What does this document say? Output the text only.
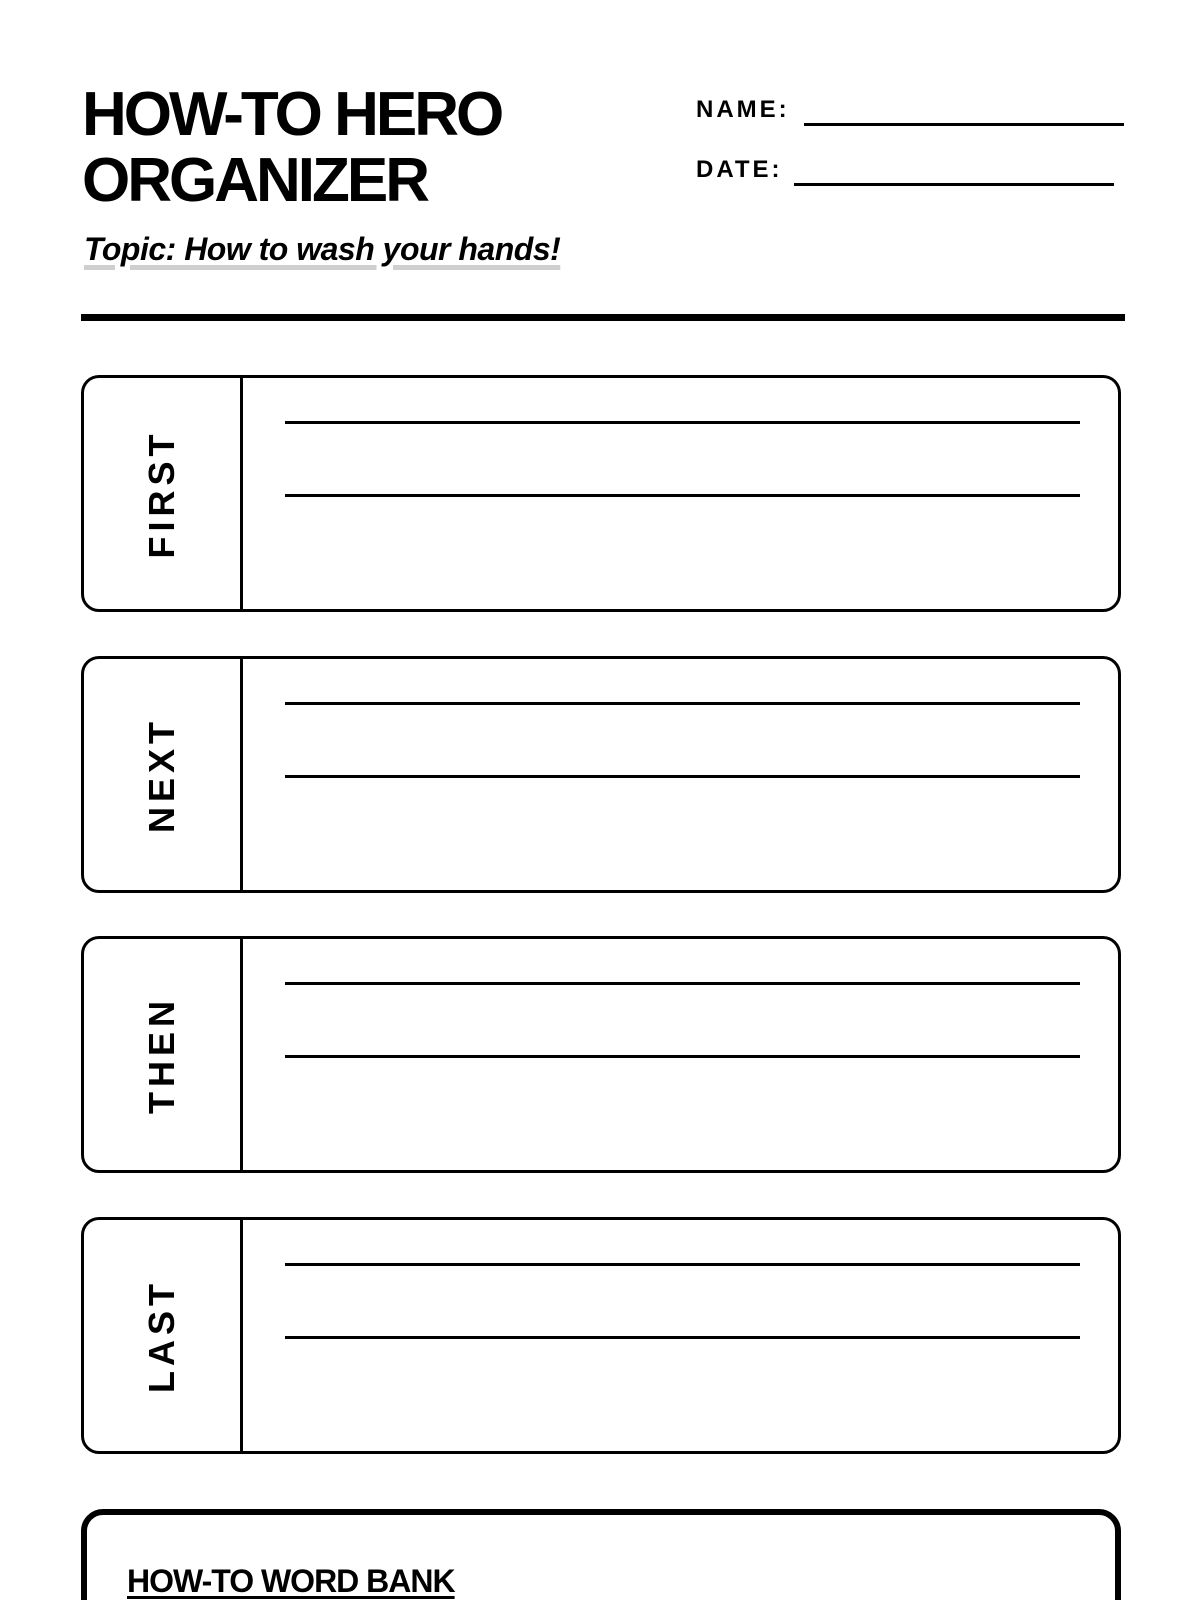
HOW-TO HERO
ORGANIZER
Topic: How to wash your hands!
NAME:
DATE:
FIRST
NEXT
THEN
LAST
HOW-TO WORD BANK
